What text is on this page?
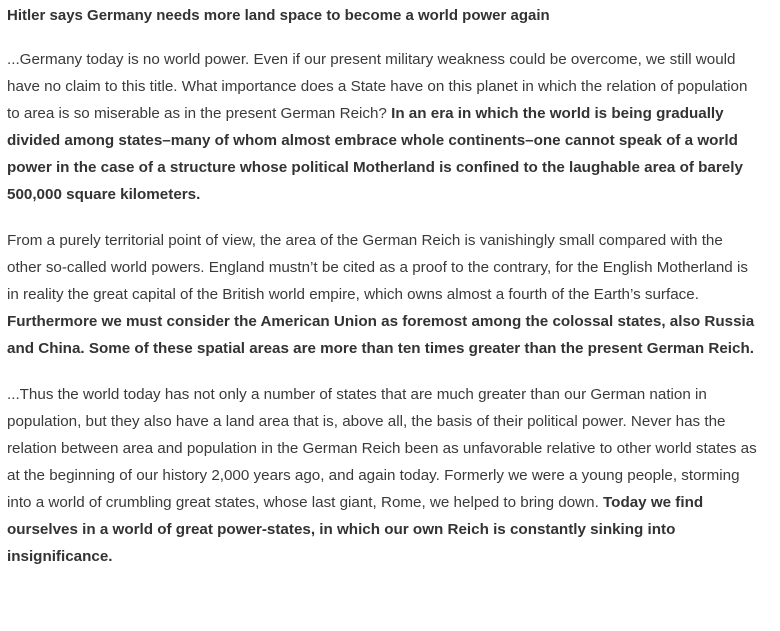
Hitler says Germany needs more land space to become a world power again

...Germany today is no world power. Even if our present military weakness could be overcome, we still would have no claim to this title. What importance does a State have on this planet in which the relation of population to area is so miserable as in the present German Reich? In an era in which the world is being gradually divided among states–many of whom almost embrace whole continents–one cannot speak of a world power in the case of a structure whose political Motherland is confined to the laughable area of barely 500,000 square kilometers.

From a purely territorial point of view, the area of the German Reich is vanishingly small compared with the other so-called world powers. England mustn’t be cited as a proof to the contrary, for the English Motherland is in reality the great capital of the British world empire, which owns almost a fourth of the Earth’s surface. Furthermore we must consider the American Union as foremost among the colossal states, also Russia and China. Some of these spatial areas are more than ten times greater than the present German Reich.

...Thus the world today has not only a number of states that are much greater than our German nation in population, but they also have a land area that is, above all, the basis of their political power. Never has the relation between area and population in the German Reich been as unfavorable relative to other world states as at the beginning of our history 2,000 years ago, and again today. Formerly we were a young people, storming into a world of crumbling great states, whose last giant, Rome, we helped to bring down. Today we find ourselves in a world of great power-states, in which our own Reich is constantly sinking into insignificance.
